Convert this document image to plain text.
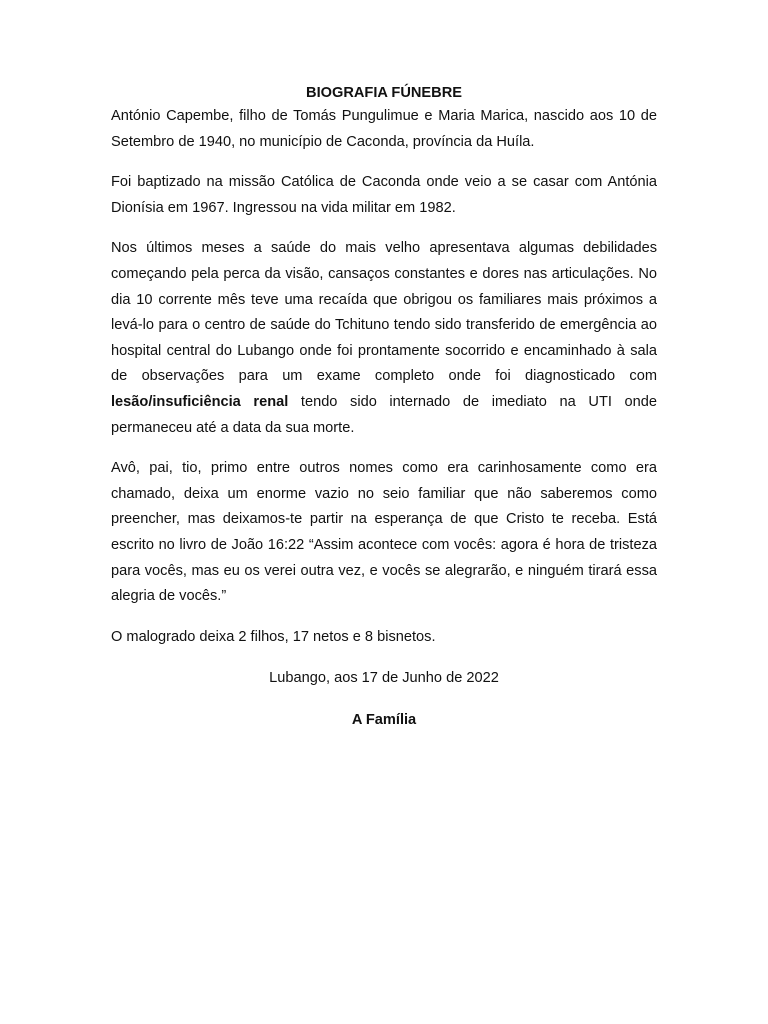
BIOGRAFIA FÚNEBRE

António Capembe, filho de Tomás Pungulimue e Maria Marica, nascido aos 10 de Setembro de 1940, no município de Caconda, província da Huíla.

Foi baptizado na missão Católica de Caconda onde veio a se casar com Antónia Dionísia em 1967. Ingressou na vida militar em 1982.

Nos últimos meses a saúde do mais velho apresentava algumas debilidades começando pela perca da visão, cansaços constantes e dores nas articulações. No dia 10 corrente mês teve uma recaída que obrigou os familiares mais próximos a levá-lo para o centro de saúde do Tchituno tendo sido transferido de emergência ao hospital central do Lubango onde foi prontamente socorrido e encaminhado à sala de observações para um exame completo onde foi diagnosticado com lesão/insuficiência renal tendo sido internado de imediato na UTI onde permaneceu até a data da sua morte.

Avô, pai, tio, primo entre outros nomes como era carinhosamente como era chamado, deixa um enorme vazio no seio familiar que não saberemos como preencher, mas deixamos-te partir na esperança de que Cristo te receba. Está escrito no livro de João 16:22 “Assim acontece com vocês: agora é hora de tristeza para vocês, mas eu os verei outra vez, e vocês se alegrarão, e ninguém tirará essa alegria de vocês.”

O malogrado deixa 2 filhos, 17 netos e 8 bisnetos.

Lubango, aos 17 de Junho de 2022

A Família
